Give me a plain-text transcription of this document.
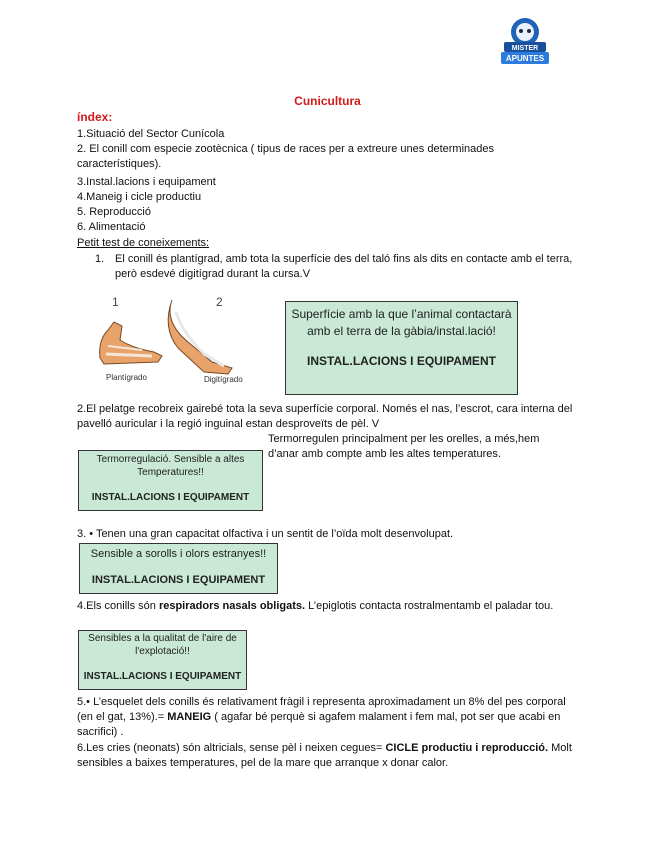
MISTER
APUNTES
Cunicultura
índex:
1.Situació del Sector Cunícola
2. El conill com especie zootècnica ( tipus de races per a extreure unes determinades característiques).
3.Instal.lacions i equipament
4.Maneig i cicle productiu
5. Reproducció
6. Alimentació
Petit test de coneixements:
1. El conill és plantígrad, amb tota la superfície des del taló fins als dits en contacte amb el terra, però esdevé digitígrad durant la cursa.V
1	2
Plantígrado	Digitígrado
Superfície amb la que l’animal contactarà amb el terra de la gàbia/instal.lació!
INSTAL.LACIONS I EQUIPAMENT
2.El pelatge recobreix gairebé tota la seva superfície corporal. Només el nas, l’escrot, cara interna del pavelló auricular i la regió inguinal estan desproveïts de pèl. V
Termorregulen principalment per les orelles, a més,hem d’anar amb compte amb les altes temperatures.
Termorregulació. Sensible a altes Temperatures!!
INSTAL.LACIONS I EQUIPAMENT
3. • Tenen una gran capacitat olfactiva i un sentit de l’oïda molt desenvolupat.
Sensible a sorolls i olors estranyes!!
INSTAL.LACIONS I EQUIPAMENT
4.Els conills són respiradors nasals obligats. L’epiglotis contacta rostralmentamb el paladar tou.
Sensibles a la qualitat de l'aire de l'explotació!!
INSTAL.LACIONS I EQUIPAMENT
5.• L’esquelet dels conills és relativament fràgil i representa aproximadament un 8% del pes corporal (en el gat, 13%).= MANEIG ( agafar bé perquè si agafem malament i fem mal, pot ser que acabi en sacrifici) .
6.Les cries (neonats) són altricials, sense pèl i neixen cegues= CICLE productiu i reproducció. Molt sensibles a baixes temperatures, pel de la mare que arranque x donar calor.
